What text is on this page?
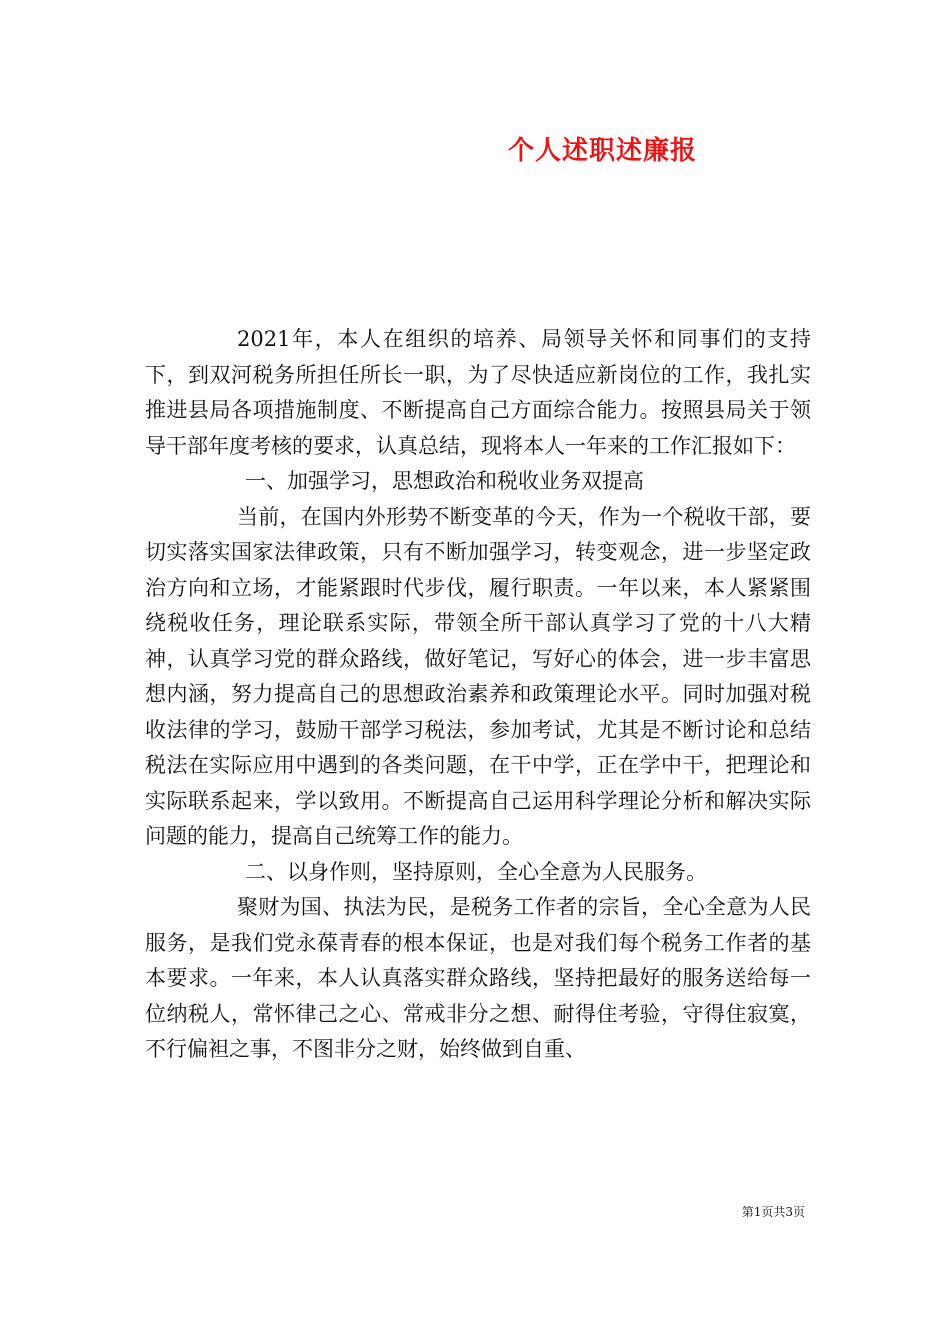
个人述职述廉报

2021年，本人在组织的培养、局领导关怀和同事们的支持下，到双河税务所担任所长一职，为了尽快适应新岗位的工作，我扎实推进县局各项措施制度、不断提高自己方面综合能力。按照县局关于领导干部年度考核的要求，认真总结，现将本人一年来的工作汇报如下：

一、加强学习，思想政治和税收业务双提高

当前，在国内外形势不断变革的今天，作为一个税收干部，要切实落实国家法律政策，只有不断加强学习，转变观念，进一步坚定政治方向和立场，才能紧跟时代步伐，履行职责。一年以来，本人紧紧围绕税收任务，理论联系实际，带领全所干部认真学习了党的十八大精神，认真学习党的群众路线，做好笔记，写好心的体会，进一步丰富思想内涵，努力提高自己的思想政治素养和政策理论水平。同时加强对税收法律的学习，鼓励干部学习税法，参加考试，尤其是不断讨论和总结税法在实际应用中遇到的各类问题，在干中学，正在学中干，把理论和实际联系起来，学以致用。不断提高自己运用科学理论分析和解决实际问题的能力，提高自己统筹工作的能力。

二、以身作则，坚持原则，全心全意为人民服务。

聚财为国、执法为民，是税务工作者的宗旨，全心全意为人民服务，是我们党永葆青春的根本保证，也是对我们每个税务工作者的基本要求。一年来，本人认真落实群众路线，坚持把最好的服务送给每一位纳税人，常怀律己之心、常戒非分之想、耐得住考验，守得住寂寞，不行偏袒之事，不图非分之财，始终做到自重、

第1页共3页
